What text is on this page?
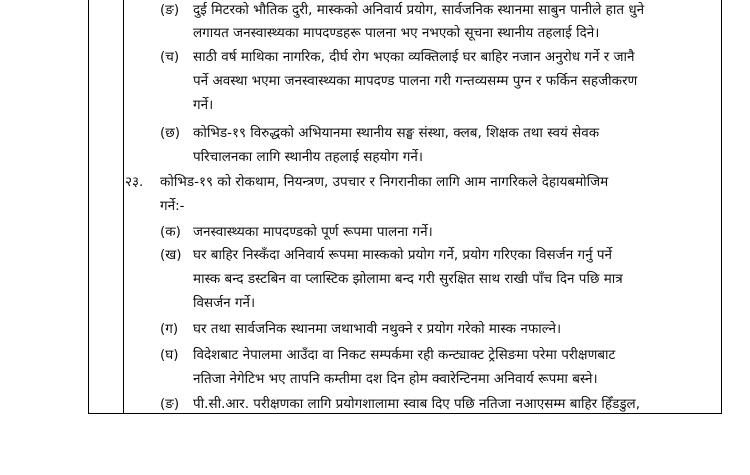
(ङ) दुई मिटरको भौतिक दुरी, मास्कको अनिवार्य प्रयोग, सार्वजनिक स्थानमा साबुन पानीले हात धुने
लगायत जनस्वास्थ्यका मापदण्डहरू पालना भए नभएको सूचना स्थानीय तहलाई दिने।
(च) साठी वर्ष माथिका नागरिक, दीर्घ रोग भएका व्यक्तिलाई घर बाहिर नजान अनुरोध गर्ने र जानै
पर्ने अवस्था भएमा जनस्वास्थ्यका मापदण्ड पालना गरी गन्तव्यसम्म पुग्न र फर्किन सहजीकरण
गर्ने।
(छ) कोभिड-१९ विरुद्धको अभियानमा स्थानीय सङ्घ संस्था, क्लब, शिक्षक तथा स्वयं सेवक
परिचालनका लागि स्थानीय तहलाई सहयोग गर्ने।
२३. कोभिड-१९ को रोकथाम, नियन्त्रण, उपचार र निगरानीका लागि आम नागरिकले देहायबमोजिम
गर्ने:-
(क) जनस्वास्थ्यका मापदण्डको पूर्ण रूपमा पालना गर्ने।
(ख) घर बाहिर निस्कँदा अनिवार्य रूपमा मास्कको प्रयोग गर्ने, प्रयोग गरिएका विसर्जन गर्नु पर्ने
मास्क बन्द डस्टबिन वा प्लास्टिक झोलामा बन्द गरी सुरक्षित साथ राखी पाँच दिन पछि मात्र
विसर्जन गर्ने।
(ग) घर तथा सार्वजनिक स्थानमा जथाभावी नथुक्ने र प्रयोग गरेको मास्क नफाल्ने।
(घ) विदेशबाट नेपालमा आउँदा वा निकट सम्पर्कमा रही कन्ट्याक्ट ट्रेसिङमा परेमा परीक्षणबाट
नतिजा नेगेटिभ भए तापनि कम्तीमा दश दिन होम क्वारेन्टिनमा अनिवार्य रूपमा बस्ने।
(ङ) पी.सी.आर. परीक्षणका लागि प्रयोगशालामा स्वाब दिए पछि नतिजा नआएसम्म बाहिर हिँडडुल,
